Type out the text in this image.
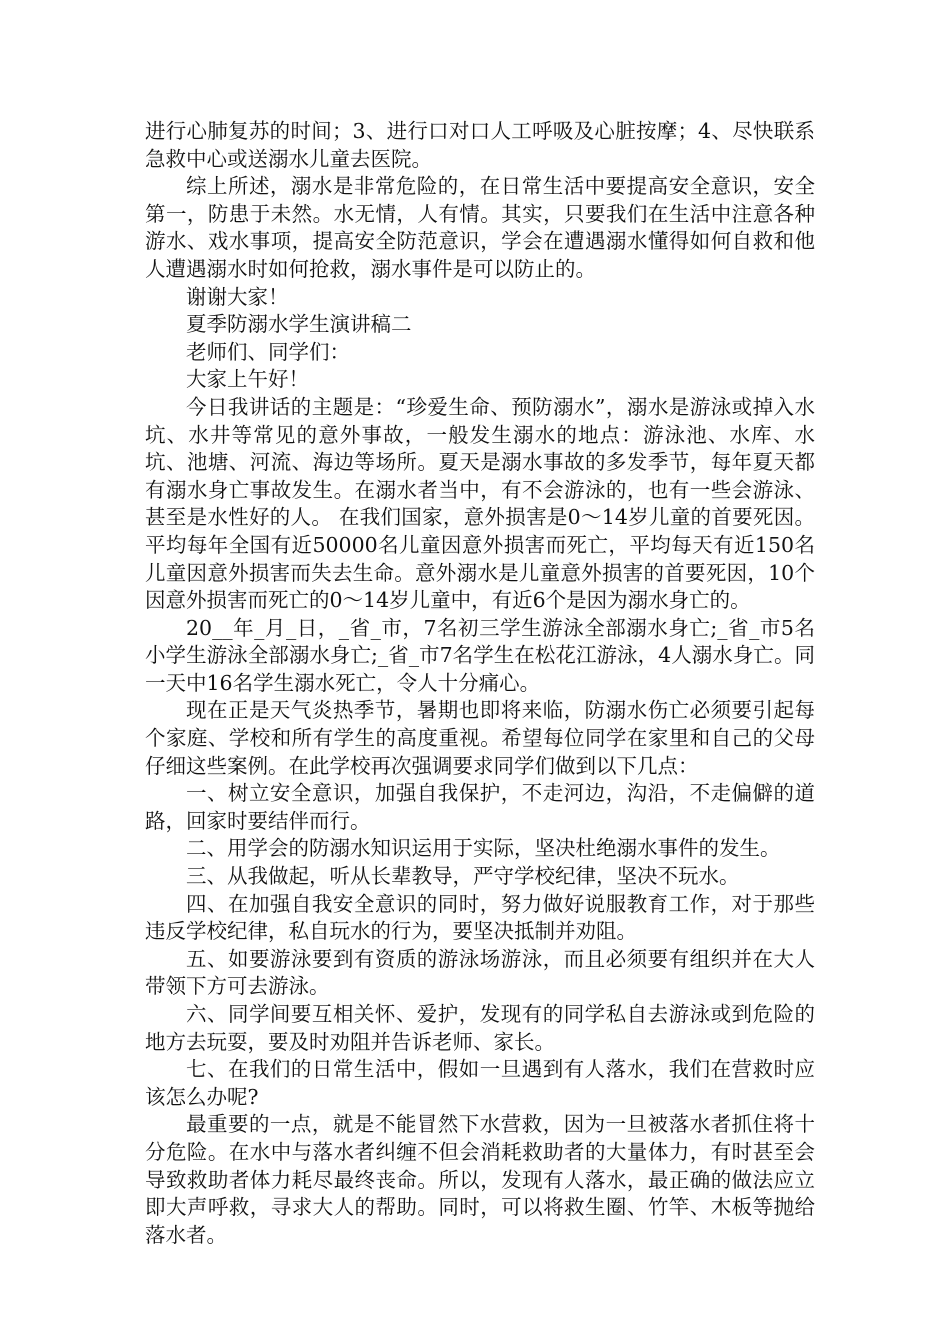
进行心肺复苏的时间；3、进行口对口人工呼吸及心脏按摩；4、尽快联系急救中心或送溺水儿童去医院。

综上所述，溺水是非常危险的，在日常生活中要提高安全意识，安全第一，防患于未然。水无情，人有情。其实，只要我们在生活中注意各种游水、戏水事项，提高安全防范意识，学会在遭遇溺水懂得如何自救和他人遭遇溺水时如何抢救，溺水事件是可以防止的。

谢谢大家！

夏季防溺水学生演讲稿二

老师们、同学们：

大家上午好！

今日我讲话的主题是：“珍爱生命、预防溺水”，溺水是游泳或掉入水坑、水井等常见的意外事故，一般发生溺水的地点：游泳池、水库、水坑、池塘、河流、海边等场所。夏天是溺水事故的多发季节，每年夏天都有溺水身亡事故发生。在溺水者当中，有不会游泳的，也有一些会游泳、甚至是水性好的人。 在我们国家，意外损害是0～14岁儿童的首要死因。平均每年全国有近50000名儿童因意外损害而死亡，平均每天有近150名儿童因意外损害而失去生命。意外溺水是儿童意外损害的首要死因，10个因意外损害而死亡的0～14岁儿童中，有近6个是因为溺水身亡的。

20__年_月_日，_省_市，7名初三学生游泳全部溺水身亡;_省_市5名小学生游泳全部溺水身亡;_省_市7名学生在松花江游泳，4人溺水身亡。同一天中16名学生溺水死亡，令人十分痛心。

现在正是天气炎热季节，暑期也即将来临，防溺水伤亡必须要引起每个家庭、学校和所有学生的高度重视。希望每位同学在家里和自己的父母仔细这些案例。在此学校再次强调要求同学们做到以下几点：

一、树立安全意识，加强自我保护，不走河边，沟沿，不走偏僻的道路，回家时要结伴而行。

二、用学会的防溺水知识运用于实际，坚决杜绝溺水事件的发生。

三、从我做起，听从长辈教导，严守学校纪律，坚决不玩水。

四、在加强自我安全意识的同时，努力做好说服教育工作，对于那些违反学校纪律，私自玩水的行为，要坚决抵制并劝阻。

五、如要游泳要到有资质的游泳场游泳，而且必须要有组织并在大人带领下方可去游泳。

六、同学间要互相关怀、爱护，发现有的同学私自去游泳或到危险的地方去玩耍，要及时劝阻并告诉老师、家长。

七、在我们的日常生活中，假如一旦遇到有人落水，我们在营救时应该怎么办呢?

最重要的一点，就是不能冒然下水营救，因为一旦被落水者抓住将十分危险。在水中与落水者纠缠不但会消耗救助者的大量体力，有时甚至会导致救助者体力耗尽最终丧命。所以，发现有人落水，最正确的做法应立即大声呼救，寻求大人的帮助。同时，可以将救生圈、竹竿、木板等抛给落水者。
